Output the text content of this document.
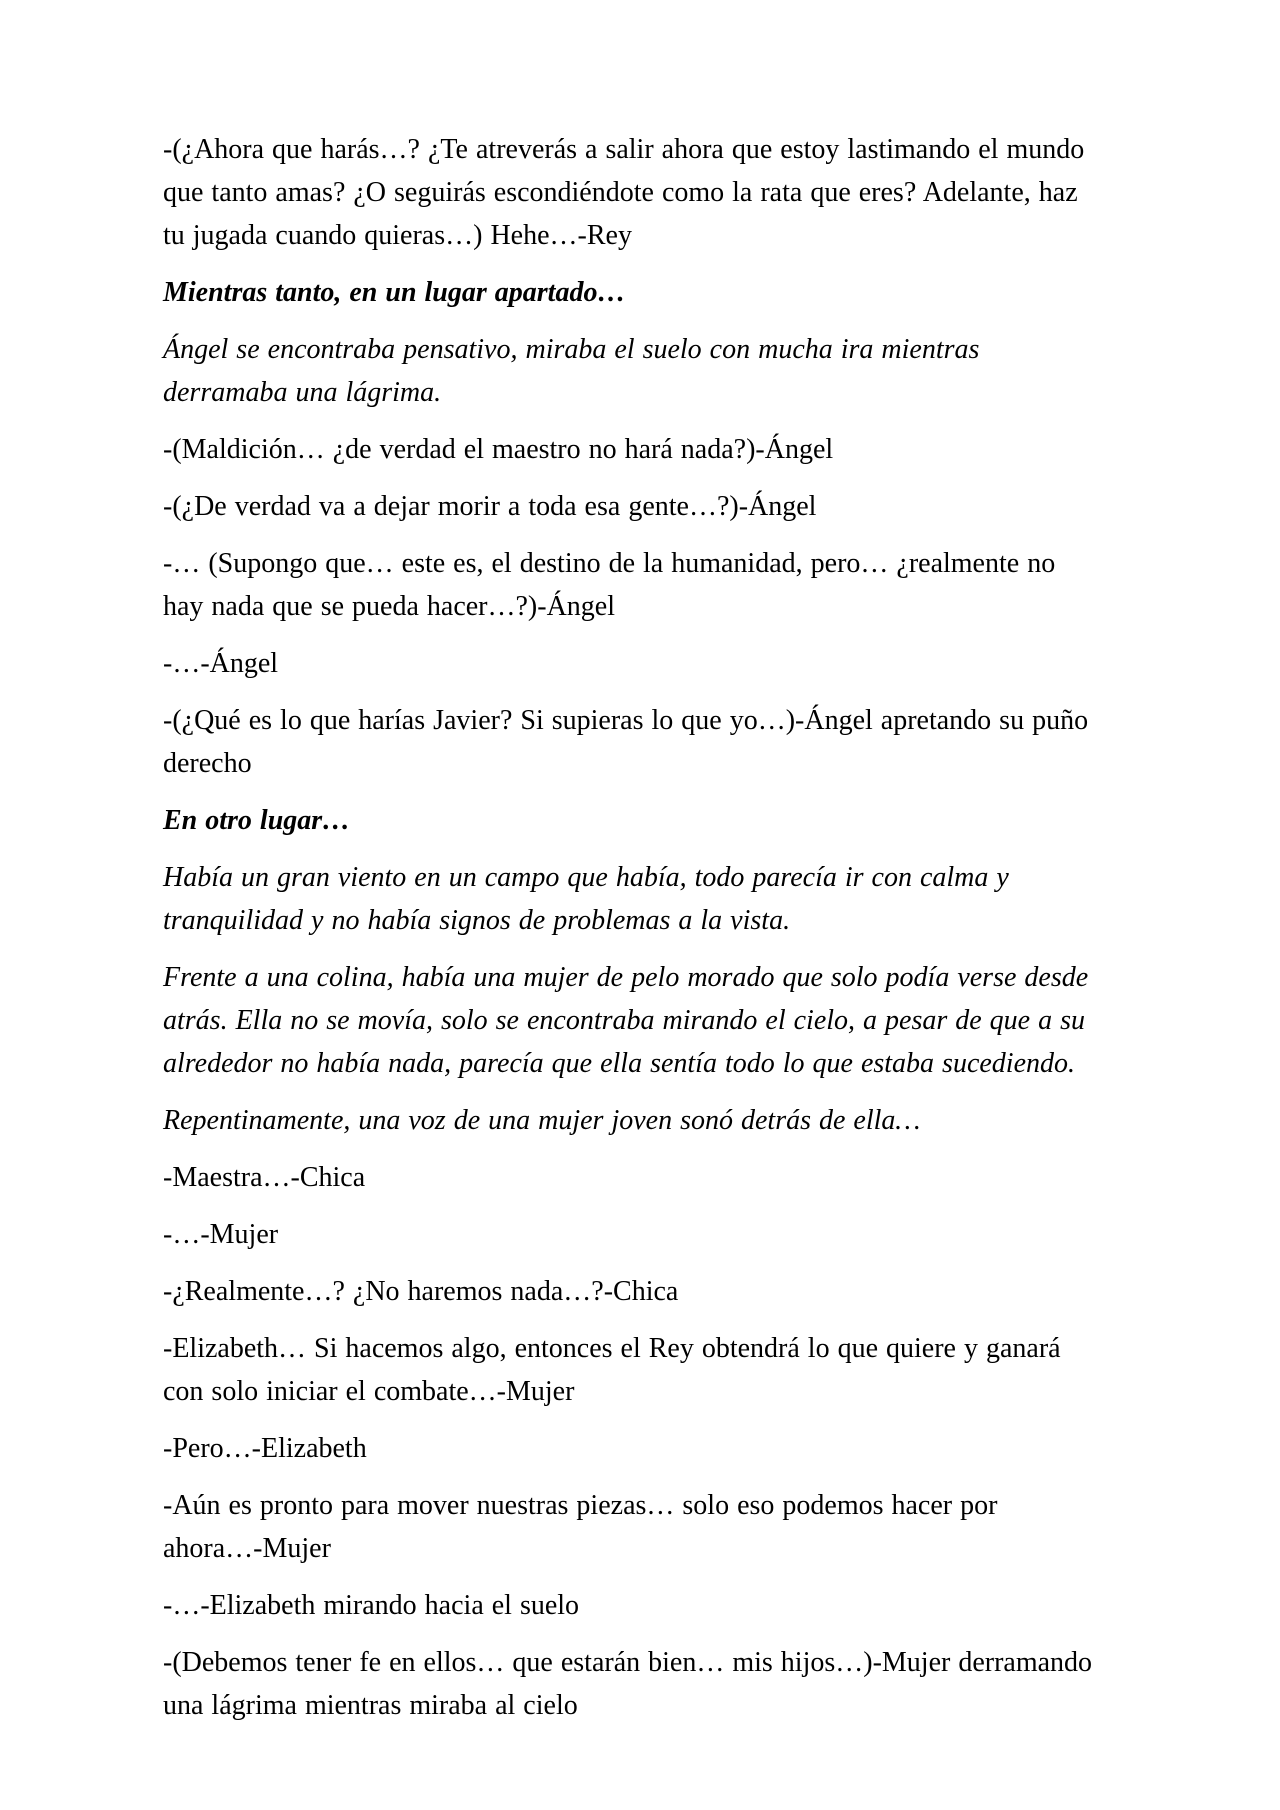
-(¿Ahora que harás…? ¿Te atreverás a salir ahora que estoy lastimando el mundo que tanto amas? ¿O seguirás escondiéndote como la rata que eres? Adelante, haz tu jugada cuando quieras…) Hehe…-Rey

Mientras tanto, en un lugar apartado…

Ángel se encontraba pensativo, miraba el suelo con mucha ira mientras derramaba una lágrima.

-(Maldición… ¿de verdad el maestro no hará nada?)-Ángel

-(¿De verdad va a dejar morir a toda esa gente…?)-Ángel

-… (Supongo que… este es, el destino de la humanidad, pero… ¿realmente no hay nada que se pueda hacer…?)-Ángel

-…-Ángel

-(¿Qué es lo que harías Javier? Si supieras lo que yo…)-Ángel apretando su puño derecho

En otro lugar…

Había un gran viento en un campo que había, todo parecía ir con calma y tranquilidad y no había signos de problemas a la vista.

Frente a una colina, había una mujer de pelo morado que solo podía verse desde atrás. Ella no se movía, solo se encontraba mirando el cielo, a pesar de que a su alrededor no había nada, parecía que ella sentía todo lo que estaba sucediendo.

Repentinamente, una voz de una mujer joven sonó detrás de ella…

-Maestra…-Chica

-…-Mujer

-¿Realmente…? ¿No haremos nada…?-Chica

-Elizabeth… Si hacemos algo, entonces el Rey obtendrá lo que quiere y ganará con solo iniciar el combate…-Mujer

-Pero…-Elizabeth

-Aún es pronto para mover nuestras piezas… solo eso podemos hacer por ahora…-Mujer

-…-Elizabeth mirando hacia el suelo

-(Debemos tener fe en ellos… que estarán bien… mis hijos…)-Mujer derramando una lágrima mientras miraba al cielo
